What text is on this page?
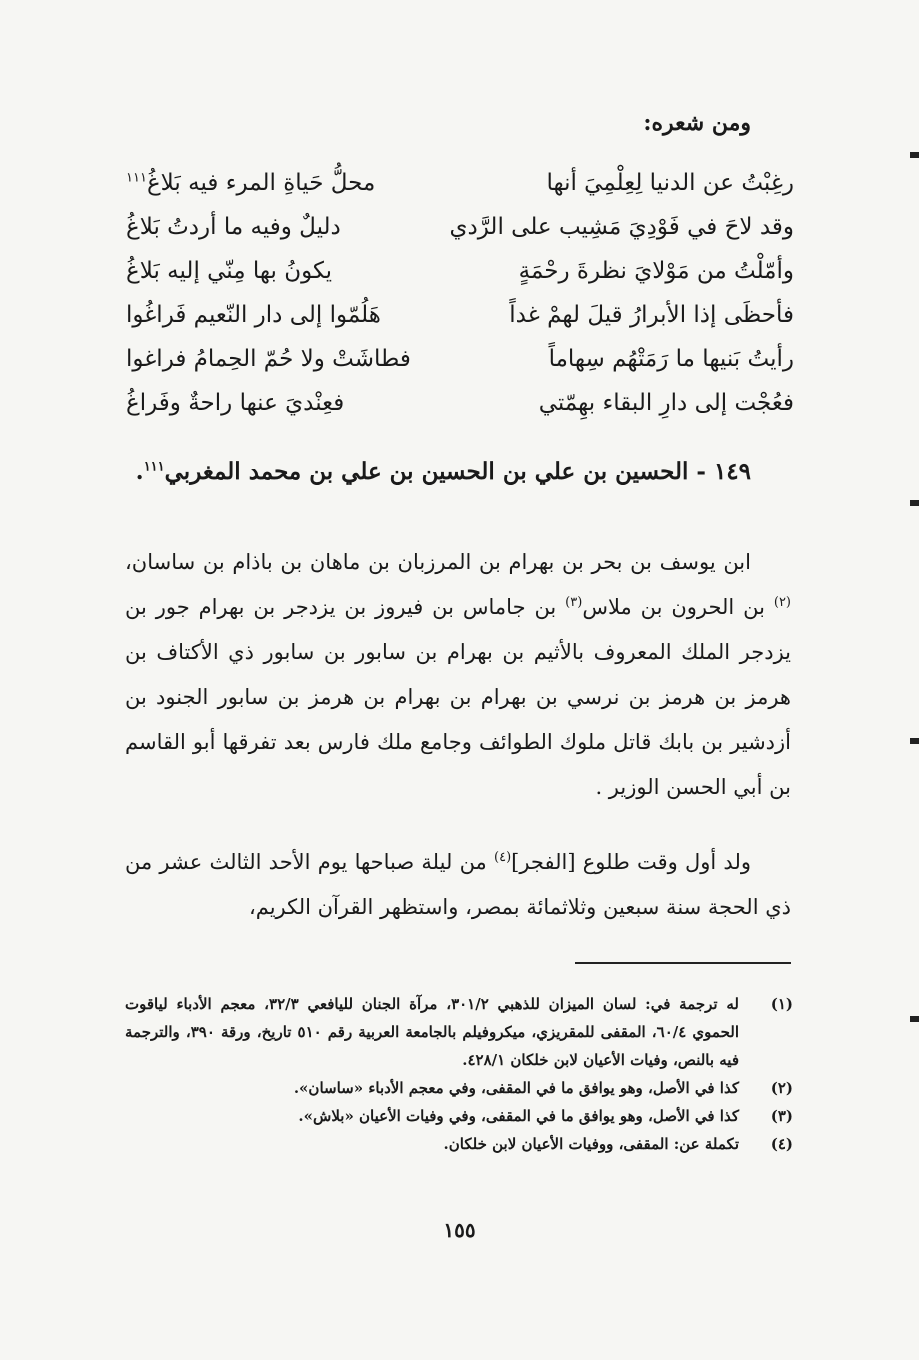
ومن شعره:
رغِبْتُ عن الدنيا لِعِلْمِيَ أنها
محلُّ حَياةِ المرء فيه بَلاغُ$^{١١١}$
وقد لاحَ في فَوْدِيَ مَشِيب على الرَّدي
دليلٌ وفيه ما أردتُ بَلاغُ
وأمّلْتُ من مَوْلايَ نظرةَ رحْمَةٍ
يكونُ بها مِنّي إليه بَلاغُ
فأحظَى إذا الأبرارُ قيلَ لهمْ غداً
هَلُمّوا إلى دار النّعيم فَراغُوا
رأيتُ بَنيها ما رَمَتْهُم سِهاماً
فطاشَتْ ولا حُمّ الحِمامُ فراغوا
فعُجْت إلى دارِ البقاء بهِمّتي
فعِنْديَ عنها راحةٌ وفَراغُ
١٤٩ - الحسين بن علي بن الحسين بن علي بن محمد المغربي$^{١١١}$.
ابن يوسف بن بحر بن بهرام بن المرزبان بن ماهان بن باذام بن ساسان،$^{(٢)}$ بن الحرون بن ملاس$^{(٣)}$ بن جاماس بن فيروز بن يزدجر بن بهرام جور بن يزدجر الملك المعروف بالأثيم بن بهرام بن سابور بن سابور ذي الأكتاف بن هرمز بن هرمز بن نرسي بن بهرام بن بهرام بن هرمز بن سابور الجنود بن أزدشير بن بابك قاتل ملوك الطوائف وجامع ملك فارس بعد تفرقها أبو القاسم بن أبي الحسن الوزير .
ولد أول وقت طلوع [الفجر]$^{(٤)}$ من ليلة صباحها يوم الأحد الثالث عشر من ذي الحجة سنة سبعين وثلاثمائة بمصر، واستظهر القرآن الكريم،
(١)
له ترجمة في: لسان الميزان للذهبي ٣٠١/٢، مرآة الجنان لليافعي ٣٢/٣، معجم الأدباء لياقوت الحموي ٦٠/٤، المقفى للمقريزي، ميكروفيلم بالجامعة العربية رقم ٥١٠ تاريخ، ورقة ٣٩٠، والترجمة فيه بالنص، وفيات الأعيان لابن خلكان ٤٢٨/١.
(٢)
كذا في الأصل، وهو يوافق ما في المقفى، وفي معجم الأدباء «ساسان».
(٣)
كذا في الأصل، وهو يوافق ما في المقفى، وفي وفيات الأعيان «بلاش».
(٤)
تكملة عن: المقفى، ووفيات الأعيان لابن خلكان.
١٥٥
